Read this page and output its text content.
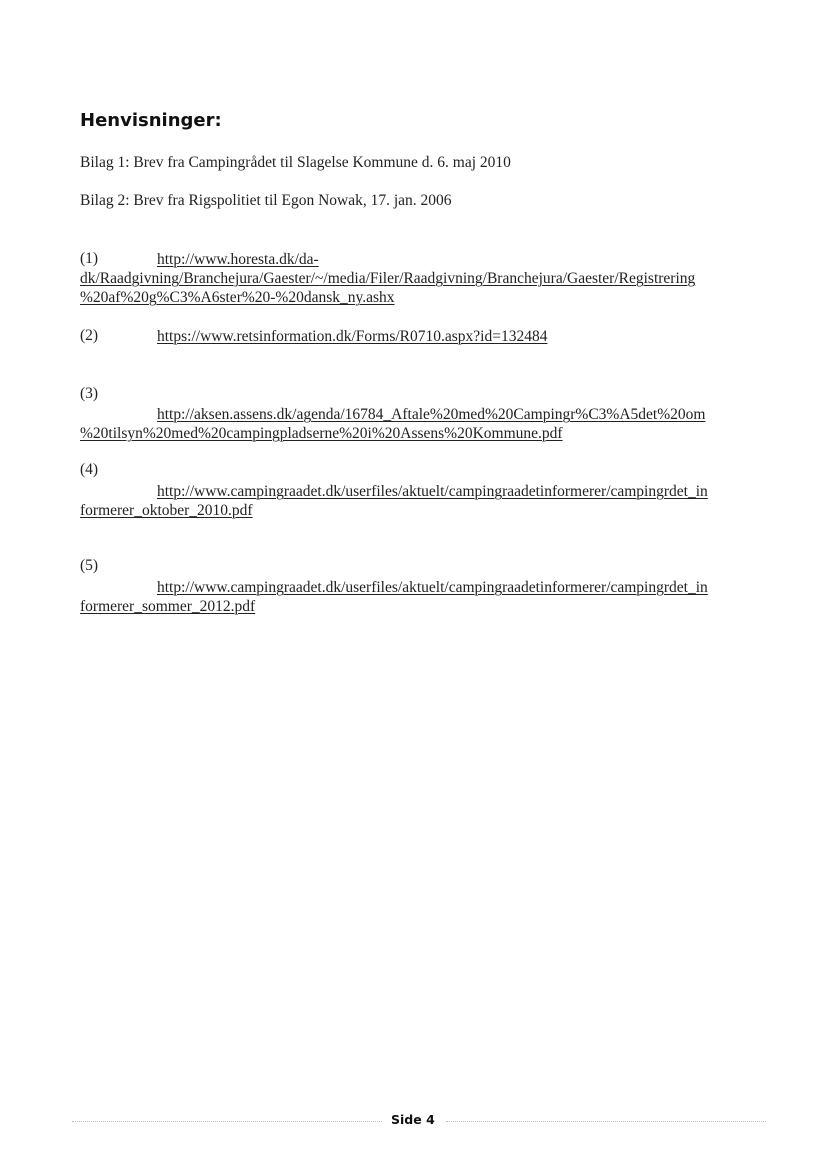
Henvisninger:
Bilag 1: Brev fra Campingrådet til Slagelse Kommune d. 6. maj 2010
Bilag 2: Brev fra Rigspolitiet til Egon Nowak, 17. jan. 2006
(1)	http://www.horesta.dk/da-
dk/Raadgivning/Branchejura/Gaester/~/media/Filer/Raadgivning/Branchejura/Gaester/Registrering
%20af%20g%C3%A6ster%20-%20dansk_ny.ashx
(2)	https://www.retsinformation.dk/Forms/R0710.aspx?id=132484
(3)
http://aksen.assens.dk/agenda/16784_Aftale%20med%20Campingr%C3%A5det%20om
%20tilsyn%20med%20campingpladserne%20i%20Assens%20Kommune.pdf
(4)
http://www.campingraadet.dk/userfiles/aktuelt/campingraadetinformerer/campingrdet_in
formerer_oktober_2010.pdf
(5)
http://www.campingraadet.dk/userfiles/aktuelt/campingraadetinformerer/campingrdet_in
formerer_sommer_2012.pdf
Side 4
